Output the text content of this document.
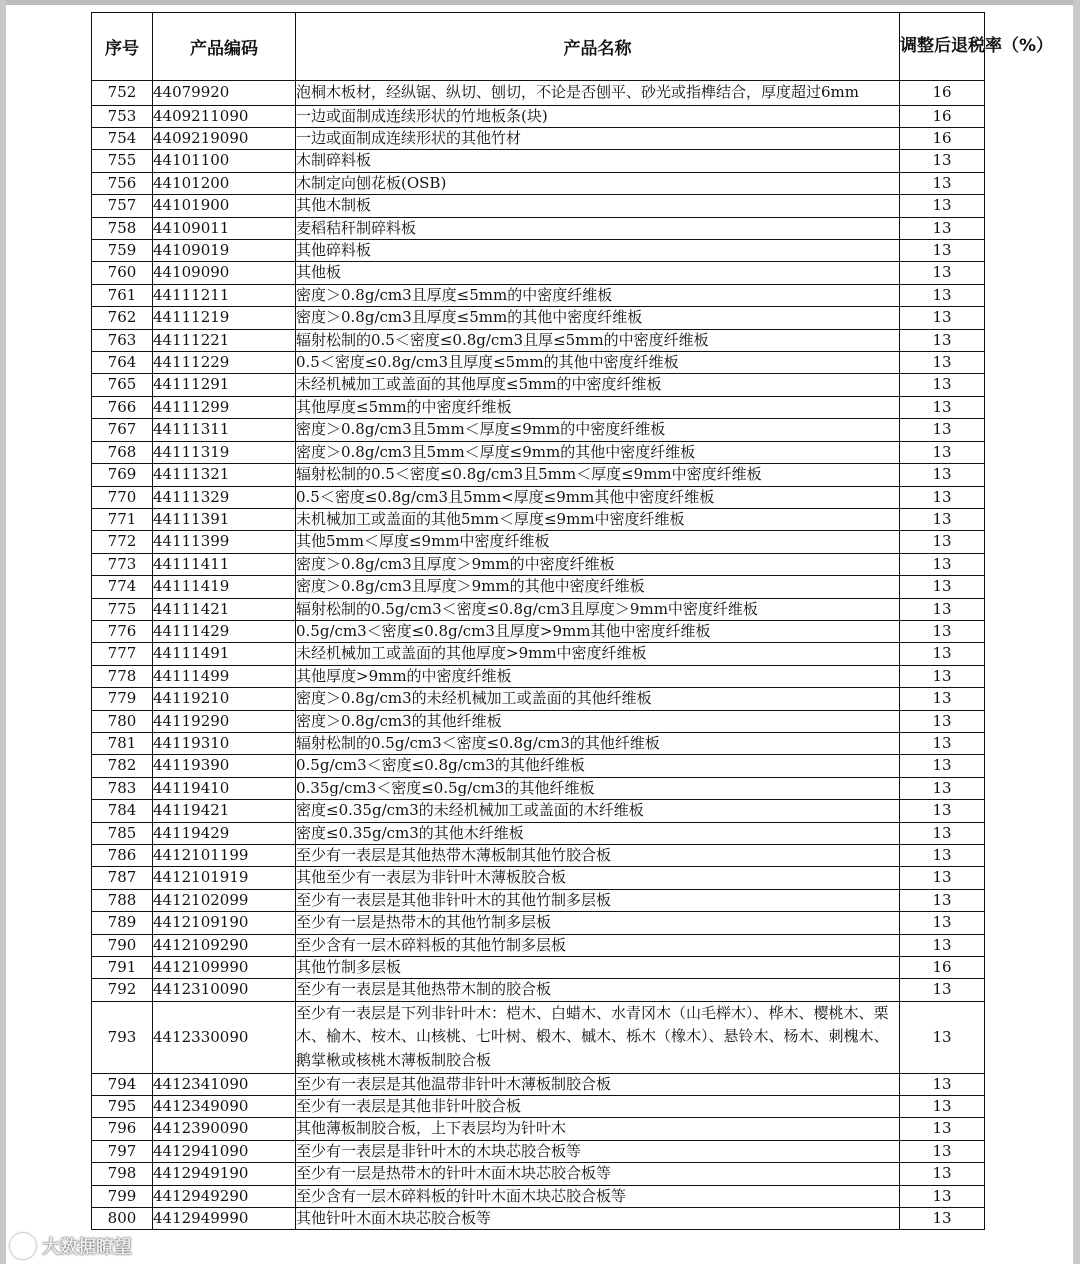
序号	产品编码	产品名称	调整后退税率（%）
752	44079920	泡桐木板材，经纵锯、纵切、刨切，不论是否刨平、砂光或指榫结合，厚度超过6mm	16
753	4409211090	一边或面制成连续形状的竹地板条(块)	16
754	4409219090	一边或面制成连续形状的其他竹材	16
755	44101100	木制碎料板	13
756	44101200	木制定向刨花板(OSB)	13
757	44101900	其他木制板	13
758	44109011	麦稻秸秆制碎料板	13
759	44109019	其他碎料板	13
760	44109090	其他板	13
761	44111211	密度＞0.8g/cm3且厚度≤5mm的中密度纤维板	13
762	44111219	密度＞0.8g/cm3且厚度≤5mm的其他中密度纤维板	13
763	44111221	辐射松制的0.5＜密度≤0.8g/cm3且厚≤5mm的中密度纤维板	13
764	44111229	0.5＜密度≤0.8g/cm3且厚度≤5mm的其他中密度纤维板	13
765	44111291	未经机械加工或盖面的其他厚度≤5mm的中密度纤维板	13
766	44111299	其他厚度≤5mm的中密度纤维板	13
767	44111311	密度＞0.8g/cm3且5mm＜厚度≤9mm的中密度纤维板	13
768	44111319	密度＞0.8g/cm3且5mm＜厚度≤9mm的其他中密度纤维板	13
769	44111321	辐射松制的0.5＜密度≤0.8g/cm3且5mm＜厚度≤9mm中密度纤维板	13
770	44111329	0.5＜密度≤0.8g/cm3且5mm<厚度≤9mm其他中密度纤维板	13
771	44111391	未机械加工或盖面的其他5mm＜厚度≤9mm中密度纤维板	13
772	44111399	其他5mm＜厚度≤9mm中密度纤维板	13
773	44111411	密度＞0.8g/cm3且厚度＞9mm的中密度纤维板	13
774	44111419	密度＞0.8g/cm3且厚度＞9mm的其他中密度纤维板	13
775	44111421	辐射松制的0.5g/cm3＜密度≤0.8g/cm3且厚度＞9mm中密度纤维板	13
776	44111429	0.5g/cm3＜密度≤0.8g/cm3且厚度>9mm其他中密度纤维板	13
777	44111491	未经机械加工或盖面的其他厚度>9mm中密度纤维板	13
778	44111499	其他厚度>9mm的中密度纤维板	13
779	44119210	密度＞0.8g/cm3的未经机械加工或盖面的其他纤维板	13
780	44119290	密度＞0.8g/cm3的其他纤维板	13
781	44119310	辐射松制的0.5g/cm3＜密度≤0.8g/cm3的其他纤维板	13
782	44119390	0.5g/cm3＜密度≤0.8g/cm3的其他纤维板	13
783	44119410	0.35g/cm3＜密度≤0.5g/cm3的其他纤维板	13
784	44119421	密度≤0.35g/cm3的未经机械加工或盖面的木纤维板	13
785	44119429	密度≤0.35g/cm3的其他木纤维板	13
786	4412101199	至少有一表层是其他热带木薄板制其他竹胶合板	13
787	4412101919	其他至少有一表层为非针叶木薄板胶合板	13
788	4412102099	至少有一表层是其他非针叶木的其他竹制多层板	13
789	4412109190	至少有一层是热带木的其他竹制多层板	13
790	4412109290	至少含有一层木碎料板的其他竹制多层板	13
791	4412109990	其他竹制多层板	16
792	4412310090	至少有一表层是其他热带木制的胶合板	13
793	4412330090	至少有一表层是下列非针叶木：桤木、白蜡木、水青冈木（山毛榉木）、桦木、樱桃木、栗木、榆木、桉木、山核桃、七叶树、椴木、槭木、栎木（橡木）、悬铃木、杨木、刺槐木、鹅掌楸或核桃木薄板制胶合板	13
794	4412341090	至少有一表层是其他温带非针叶木薄板制胶合板	13
795	4412349090	至少有一表层是其他非针叶胶合板	13
796	4412390090	其他薄板制胶合板，上下表层均为针叶木	13
797	4412941090	至少有一表层是非针叶木的木块芯胶合板等	13
798	4412949190	至少有一层是热带木的针叶木面木块芯胶合板等	13
799	4412949290	至少含有一层木碎料板的针叶木面木块芯胶合板等	13
800	4412949990	其他针叶木面木块芯胶合板等	13
大数据瞭望
